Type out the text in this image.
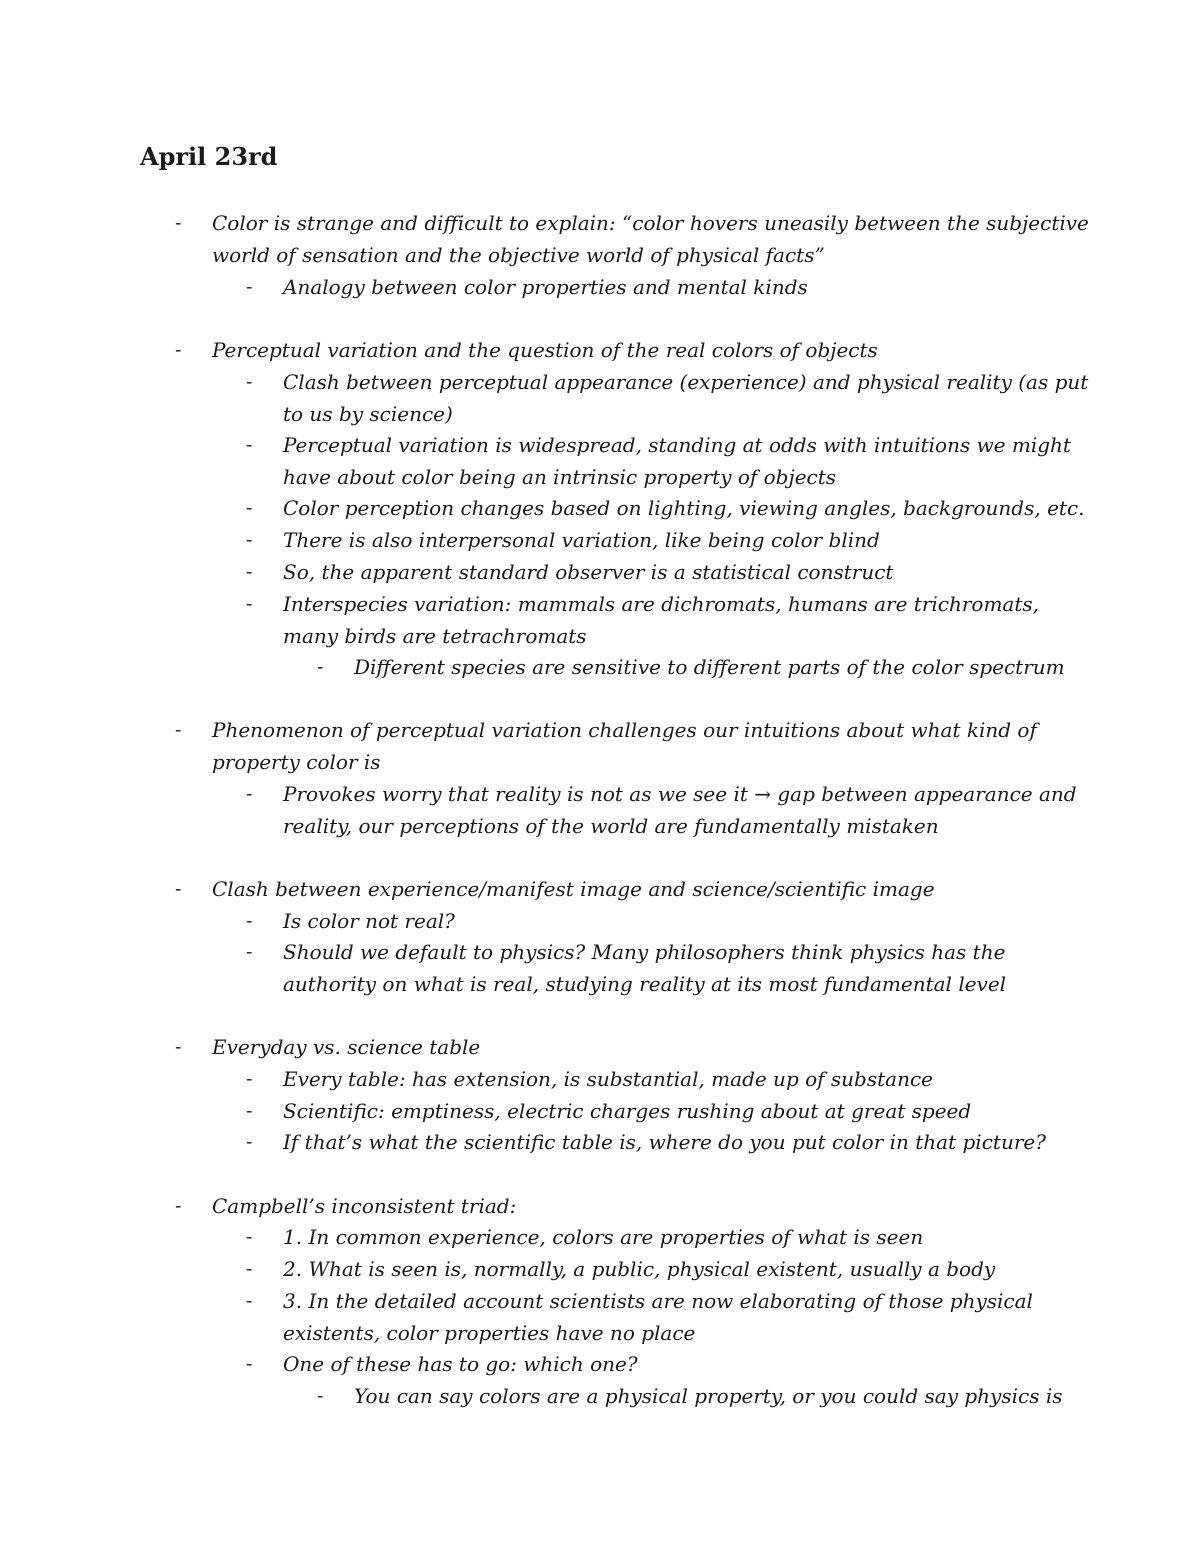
April 23rd
- Color is strange and difficult to explain: “color hovers uneasily between the subjective
world of sensation and the objective world of physical facts”
- Analogy between color properties and mental kinds
- Perceptual variation and the question of the real colors of objects
- Clash between perceptual appearance (experience) and physical reality (as put
to us by science)
- Perceptual variation is widespread, standing at odds with intuitions we might
have about color being an intrinsic property of objects
- Color perception changes based on lighting, viewing angles, backgrounds, etc.
- There is also interpersonal variation, like being color blind
- So, the apparent standard observer is a statistical construct
- Interspecies variation: mammals are dichromats, humans are trichromats,
many birds are tetrachromats
- Different species are sensitive to different parts of the color spectrum
- Phenomenon of perceptual variation challenges our intuitions about what kind of
property color is
- Provokes worry that reality is not as we see it → gap between appearance and
reality, our perceptions of the world are fundamentally mistaken
- Clash between experience/manifest image and science/scientific image
- Is color not real?
- Should we default to physics? Many philosophers think physics has the
authority on what is real, studying reality at its most fundamental level
- Everyday vs. science table
- Every table: has extension, is substantial, made up of substance
- Scientific: emptiness, electric charges rushing about at great speed
- If that’s what the scientific table is, where do you put color in that picture?
- Campbell’s inconsistent triad:
- 1. In common experience, colors are properties of what is seen
- 2. What is seen is, normally, a public, physical existent, usually a body
- 3. In the detailed account scientists are now elaborating of those physical
existents, color properties have no place
- One of these has to go: which one?
- You can say colors are a physical property, or you could say physics is
